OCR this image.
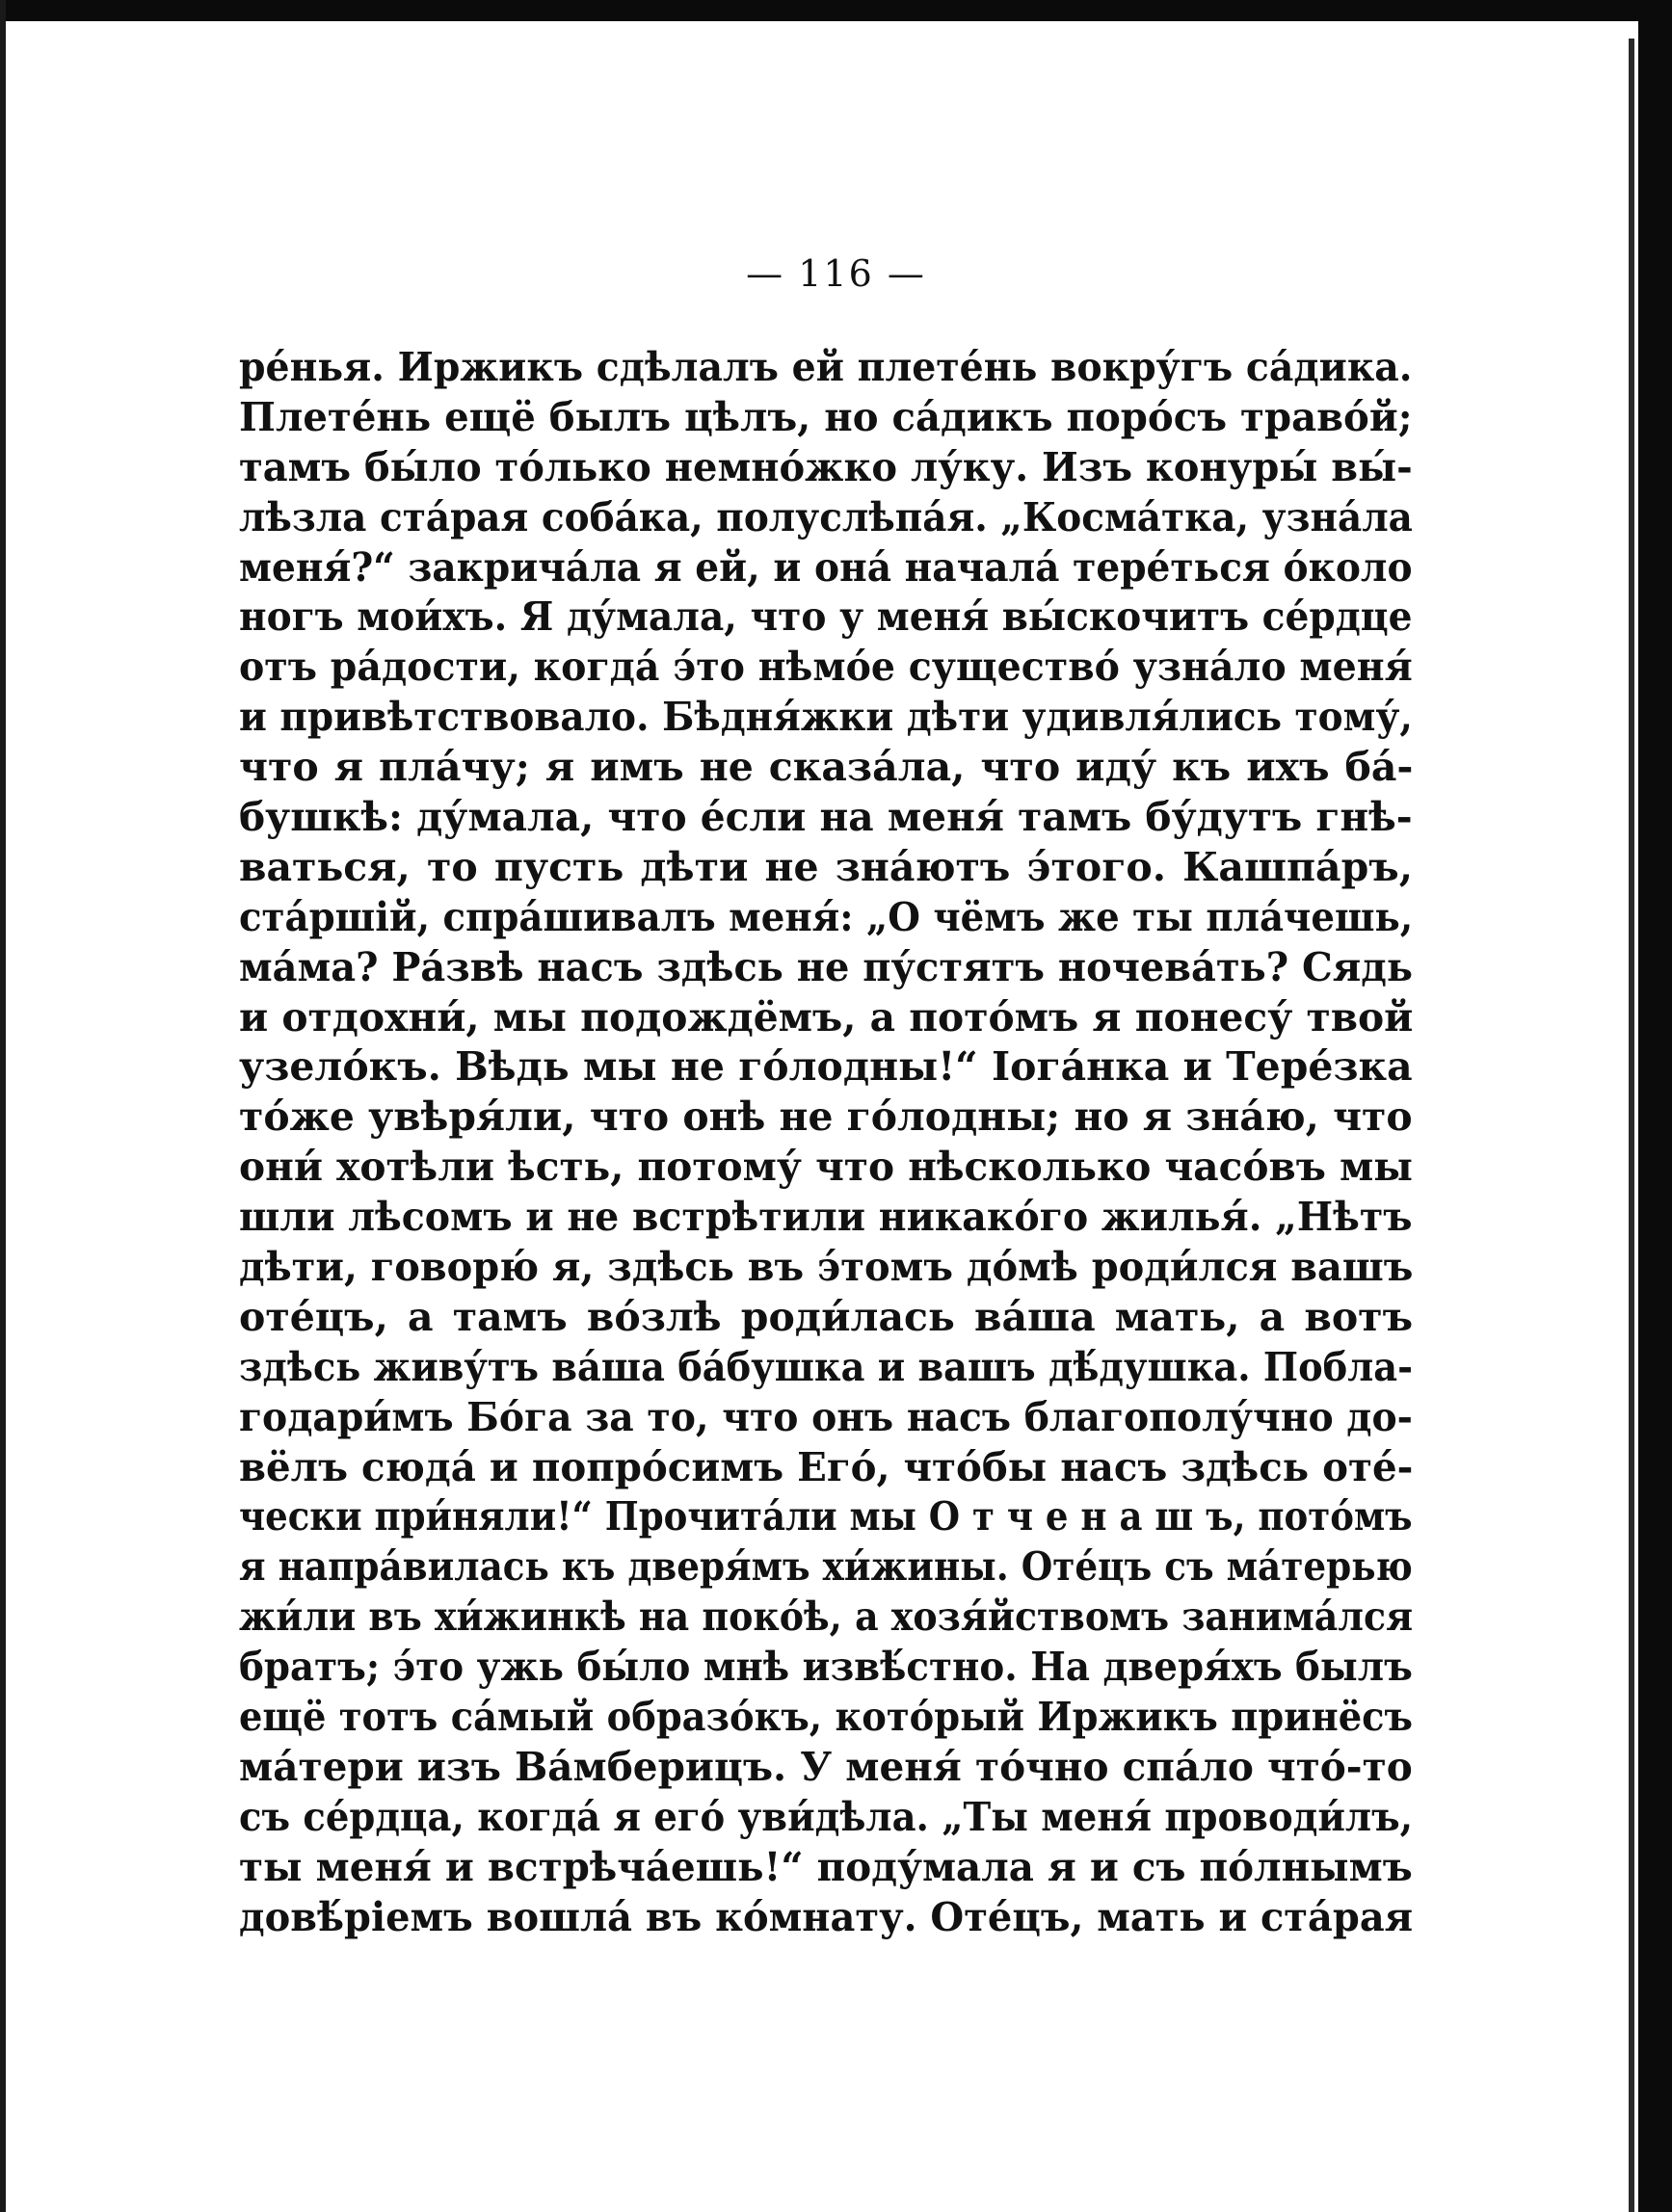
— 116 —
ре́нья. Иржикъ сдѣлалъ ей плете́нь вокру́гъ са́дика.
Плете́нь ещё былъ цѣлъ, но са́дикъ поро́съ траво́й;
тамъ бы́ло то́лько немно́жко лу́ку. Изъ конуры́ вы́-
лѣзла ста́рая соба́ка, полуслѣпа́я. „Косма́тка, узна́ла
меня́?“ закрича́ла я ей, и она́ начала́ тере́ться о́коло
ногъ мои́хъ. Я ду́мала, что у меня́ вы́скочитъ се́рдце
отъ ра́дости, когда́ э́то нѣмо́е существо́ узна́ло меня́
и привѣтствовало. Бѣдня́жки дѣти удивля́лись тому́,
что я пла́чу; я имъ не сказа́ла, что иду́ къ ихъ ба́-
бушкѣ: ду́мала, что е́сли на меня́ тамъ бу́дутъ гнѣ-
ваться, то пусть дѣти не зна́ютъ э́того. Кашпа́ръ,
ста́ршій, спра́шивалъ меня́: „О чёмъ же ты пла́чешь,
ма́ма? Ра́звѣ насъ здѣсь не пу́стятъ ночева́ть? Сядь
и отдохни́, мы подождёмъ, а пото́мъ я понесу́ твой
узело́къ. Вѣдь мы не го́лодны!“ Іога́нка и Тере́зка
то́же увѣря́ли, что онѣ не го́лодны; но я зна́ю, что
они́ хотѣли ѣсть, потому́ что нѣсколько часо́въ мы
шли лѣсомъ и не встрѣтили никако́го жилья́. „Нѣтъ
дѣти, говорю́ я, здѣсь въ э́томъ до́мѣ роди́лся вашъ
оте́цъ, а тамъ во́злѣ роди́лась ва́ша мать, а вотъ
здѣсь живу́тъ ва́ша ба́бушка и вашъ дѣ́душка. Побла-
годари́мъ Бо́га за то, что онъ насъ благополу́чно до-
вёлъ сюда́ и попро́симъ Его́, что́бы насъ здѣсь оте́-
чески при́няли!“ Прочита́ли мы О т ч е н а ш ъ, пото́мъ
я напра́вилась къ дверя́мъ хи́жины. Оте́цъ съ ма́терью
жи́ли въ хи́жинкѣ на поко́ѣ, а хозя́йствомъ занима́лся
братъ; э́то ужь бы́ло мнѣ извѣ́стно. На дверя́хъ былъ
ещё тотъ са́мый образо́къ, кото́рый Иржикъ принёсъ
ма́тери изъ Ва́мберицъ. У меня́ то́чно спа́ло что́-то
съ се́рдца, когда́ я его́ уви́дѣла. „Ты меня́ проводи́лъ,
ты меня́ и встрѣча́ешь!“ поду́мала я и съ по́лнымъ
довѣ́ріемъ вошла́ въ ко́мнату. Оте́цъ, мать и ста́рая
